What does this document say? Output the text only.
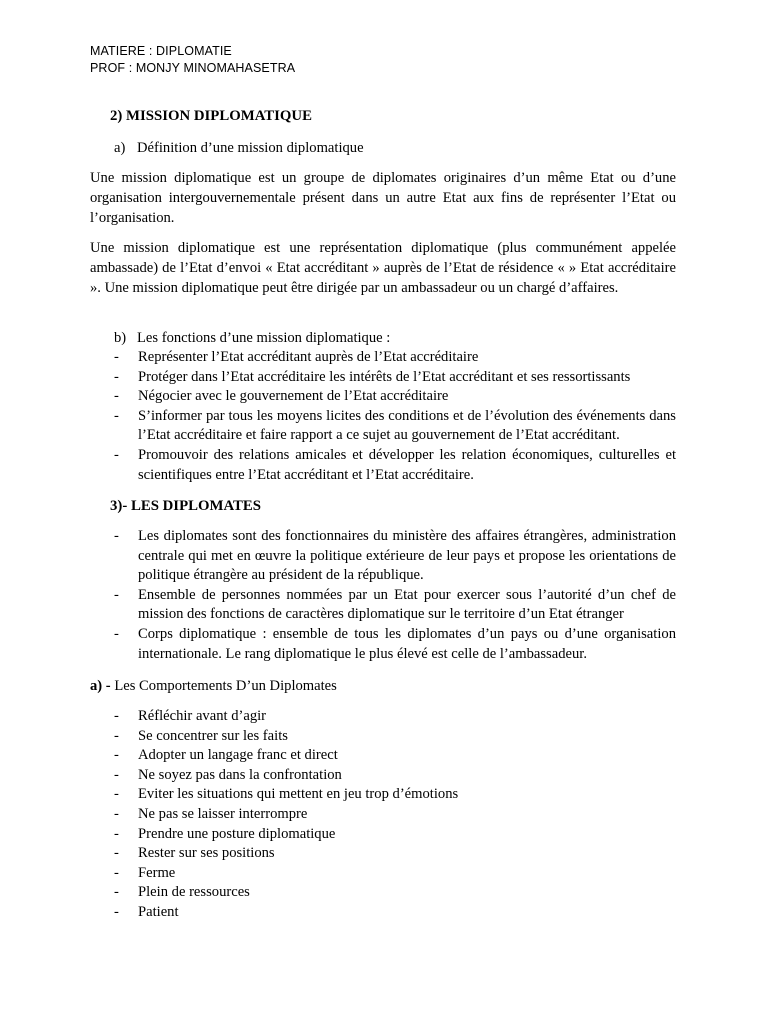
MATIERE : DIPLOMATIE
PROF : MONJY MINOMAHASETRA
2) MISSION DIPLOMATIQUE
a) Définition d’une mission diplomatique
Une mission diplomatique est un groupe de diplomates originaires d’un même Etat ou d’une organisation intergouvernementale présent dans un autre Etat aux fins de représenter l’Etat ou l’organisation.
Une mission diplomatique est une représentation diplomatique (plus communément appelée ambassade) de l’Etat d’envoi « Etat accréditant » auprès de l’Etat de résidence « » Etat accréditaire ». Une mission diplomatique peut être dirigée par un ambassadeur ou un chargé d’affaires.
b) Les fonctions d’une mission diplomatique :
- Représenter l’Etat accréditant auprès de l’Etat accréditaire
- Protéger dans l’Etat accréditaire les intérêts de l’Etat accréditant et ses ressortissants
- Négocier avec le gouvernement de l’Etat accréditaire
- S’informer par tous les moyens licites des conditions et de l’évolution des événements dans l’Etat accréditaire et faire rapport a ce sujet au gouvernement de l’Etat accréditant.
- Promouvoir des relations amicales et développer les relation économiques, culturelles et scientifiques entre l’Etat accréditant et l’Etat accréditaire.
3)- LES DIPLOMATES
- Les diplomates sont des fonctionnaires du ministère des affaires étrangères, administration centrale qui met en œuvre la politique extérieure de leur pays et propose les orientations de politique étrangère au président de la république.
- Ensemble de personnes nommées par un Etat pour exercer sous l’autorité d’un chef de mission des fonctions de caractères diplomatique sur le territoire d’un Etat étranger
- Corps diplomatique : ensemble de tous les diplomates d’un pays ou d’une organisation internationale. Le rang diplomatique le plus élevé est celle de l’ambassadeur.
a) - Les Comportements D’un Diplomates
- Réfléchir avant d’agir
- Se concentrer sur les faits
- Adopter un langage franc et direct
- Ne soyez pas dans la confrontation
- Eviter les situations qui mettent en jeu trop d’émotions
- Ne pas se laisser interrompre
- Prendre une posture diplomatique
- Rester sur ses positions
- Ferme
- Plein de ressources
- Patient
